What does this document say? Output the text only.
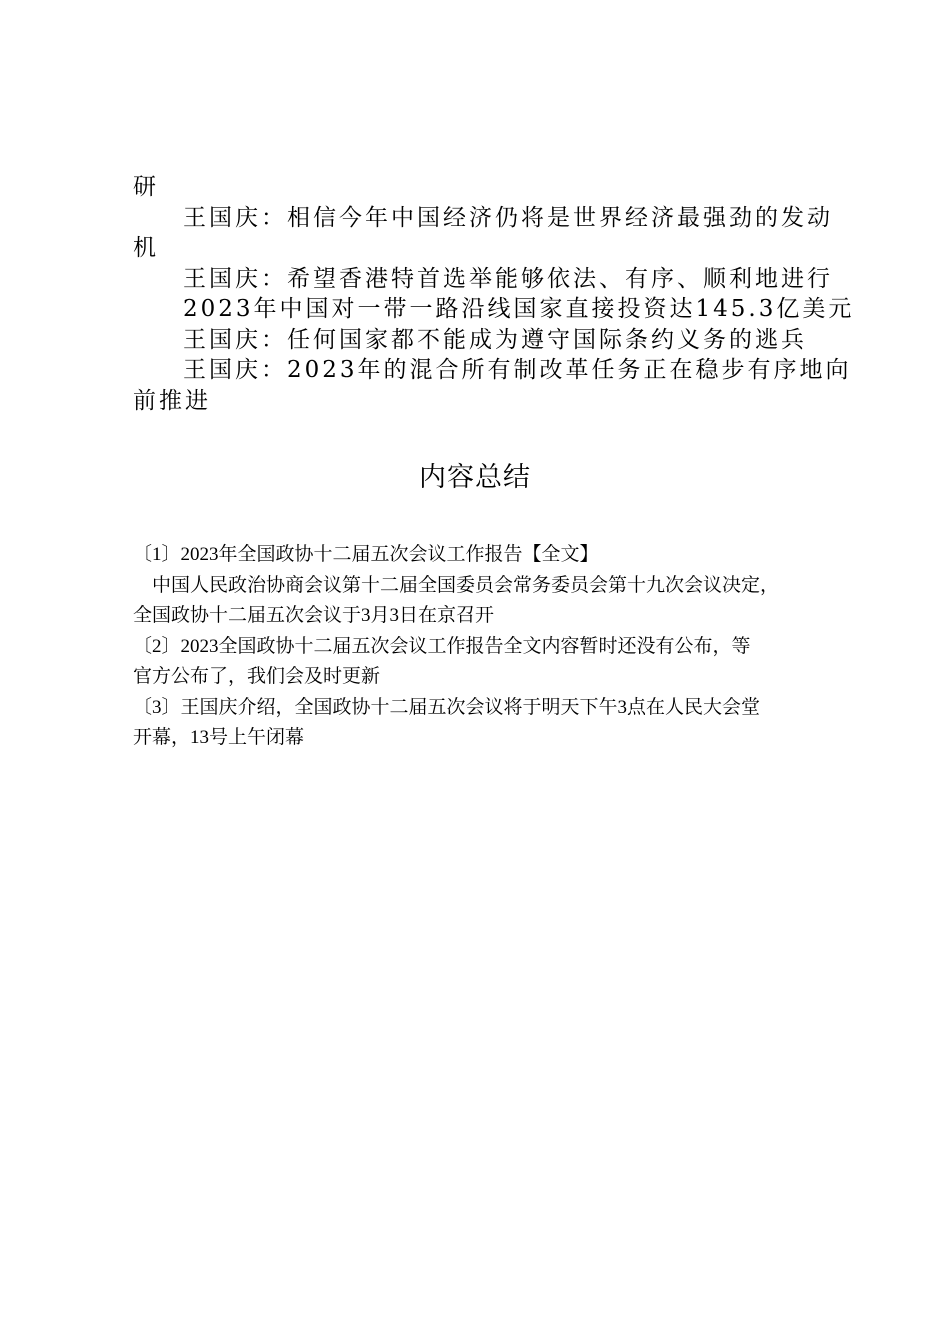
研

王国庆：相信今年中国经济仍将是世界经济最强劲的发动

机

王国庆：希望香港特首选举能够依法、有序、顺利地进行

2023年中国对一带一路沿线国家直接投资达145.3亿美元

王国庆：任何国家都不能成为遵守国际条约义务的逃兵

王国庆：2023年的混合所有制改革任务正在稳步有序地向

前推进

内容总结

〔1〕2023年全国政协十二届五次会议工作报告【全文】

中国人民政治协商会议第十二届全国委员会常务委员会第十九次会议决定，

全国政协十二届五次会议于3月3日在京召开

〔2〕2023全国政协十二届五次会议工作报告全文内容暂时还没有公布，等

官方公布了，我们会及时更新

〔3〕王国庆介绍，全国政协十二届五次会议将于明天下午3点在人民大会堂

开幕，13号上午闭幕
